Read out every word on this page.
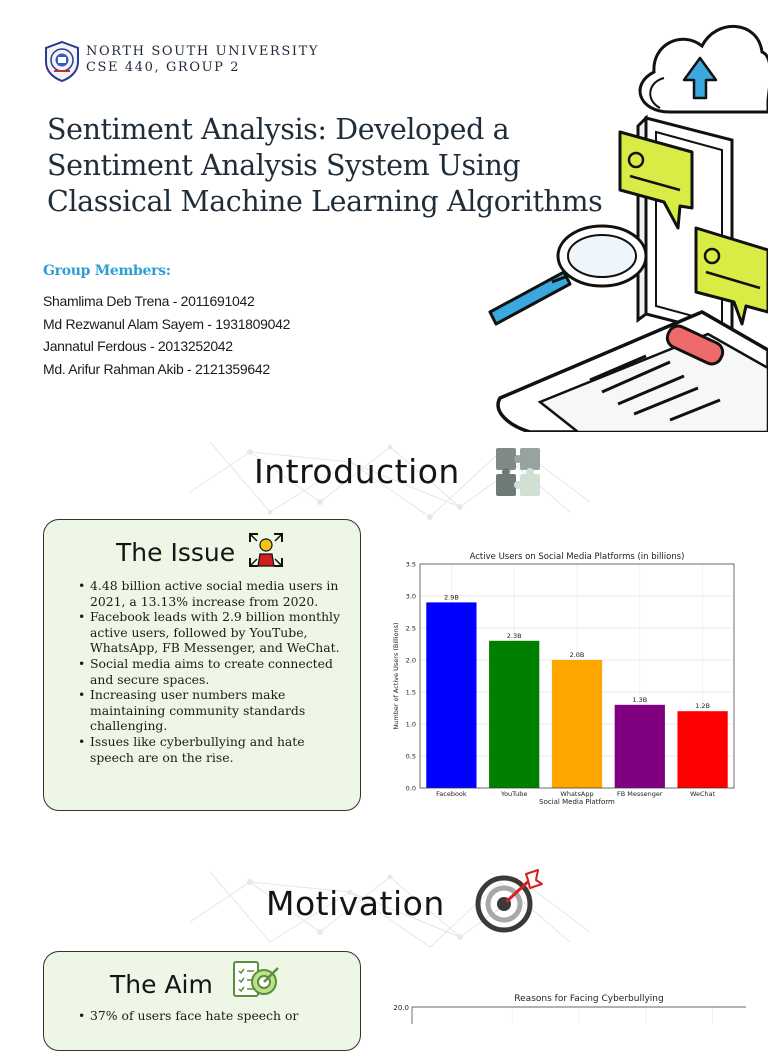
NORTH SOUTH UNIVERSITY
CSE 440, GROUP 2
Sentiment Analysis: Developed a
Sentiment Analysis System Using
Classical Machine Learning Algorithms
Group Members:
Shamlima Deb Trena - 2011691042
Md Rezwanul Alam Sayem - 1931809042
Jannatul Ferdous - 2013252042
Md. Arifur Rahman Akib - 2121359642
Introduction
The Issue
• 4.48 billion active social media users in 2021, a 13.13% increase from 2020.
• Facebook leads with 2.9 billion monthly active users, followed by YouTube, WhatsApp, FB Messenger, and WeChat.
• Social media aims to create connected and secure spaces.
• Increasing user numbers make maintaining community standards challenging.
• Issues like cyberbullying and hate speech are on the rise.
Active Users on Social Media Platforms (in billions)
0.0
0.5
1.0
1.5
2.0
2.5
3.0
3.5
2.9B
Facebook
2.3B
YouTube
2.0B
WhatsApp
1.3B
FB Messenger
1.2B
WeChat
Social Media Platform
Number of Active Users (Billions)
Motivation
The Aim
• 37% of users face hate speech or
Reasons for Facing Cyberbullying
20.0
